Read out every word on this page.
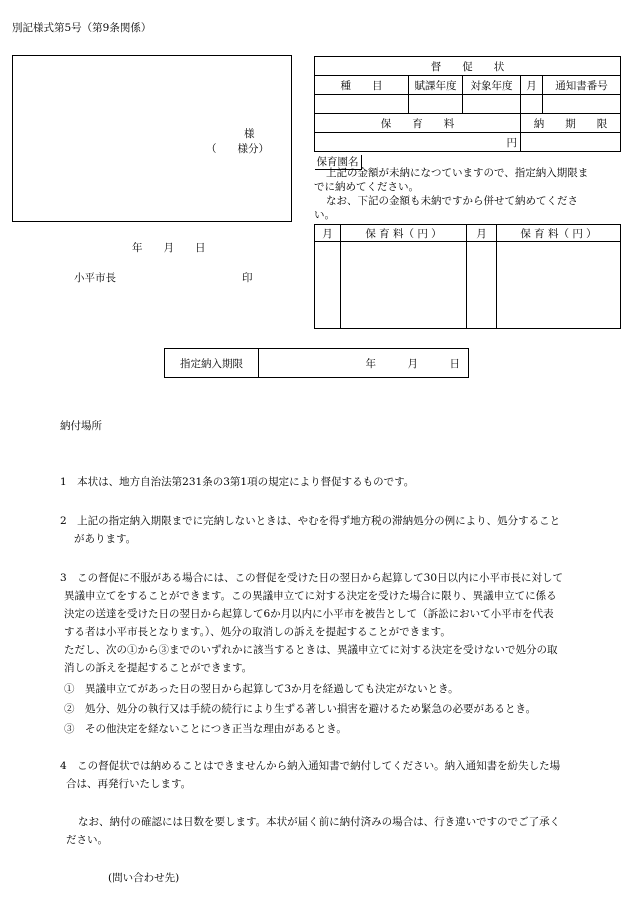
別記様式第5号（第9条関係）
様
（　　様分）
年　　月　　日
小平市長	印
督　　促　　状				
種　　目	賦課年度	対象年度	月	通知書番号

保　　育　　料			納　　期　　限	
円				
保育園名				
上記の金額が未納になつていますので、指定納入期限ま
でに納めてください。
なお、下記の金額も未納ですから併せて納めてくださ
い。
月	保 育 料（ 円 ）	月	保 育 料（ 円 ）

指定納入期限	年　　　月　　　日
納付場所
1　本状は、地方自治法第231条の3第1項の規定により督促するものです。
2　上記の指定納入期限までに完納しないときは、やむを得ず地方税の滞納処分の例により、処分すること
があります。
3　この督促に不服がある場合には、この督促を受けた日の翌日から起算して30日以内に小平市長に対して
異議申立てをすることができます。この異議申立てに対する決定を受けた場合に限り、異議申立てに係る
決定の送達を受けた日の翌日から起算して6か月以内に小平市を被告として（訴訟において小平市を代表
する者は小平市長となります。）、処分の取消しの訴えを提起することができます。
ただし、次の①から③までのいずれかに該当するときは、異議申立てに対する決定を受けないで処分の取
消しの訴えを提起することができます。
①　異議申立てがあった日の翌日から起算して3か月を経過しても決定がないとき。
②　処分、処分の執行又は手続の続行により生ずる著しい損害を避けるため緊急の必要があるとき。
③　その他決定を経ないことにつき正当な理由があるとき。
4　この督促状では納めることはできませんから納入通知書で納付してください。納入通知書を紛失した場
合は、再発行いたします。
なお、納付の確認には日数を要します。本状が届く前に納付済みの場合は、行き違いですのでご了承く
ださい。
(問い合わせ先)
